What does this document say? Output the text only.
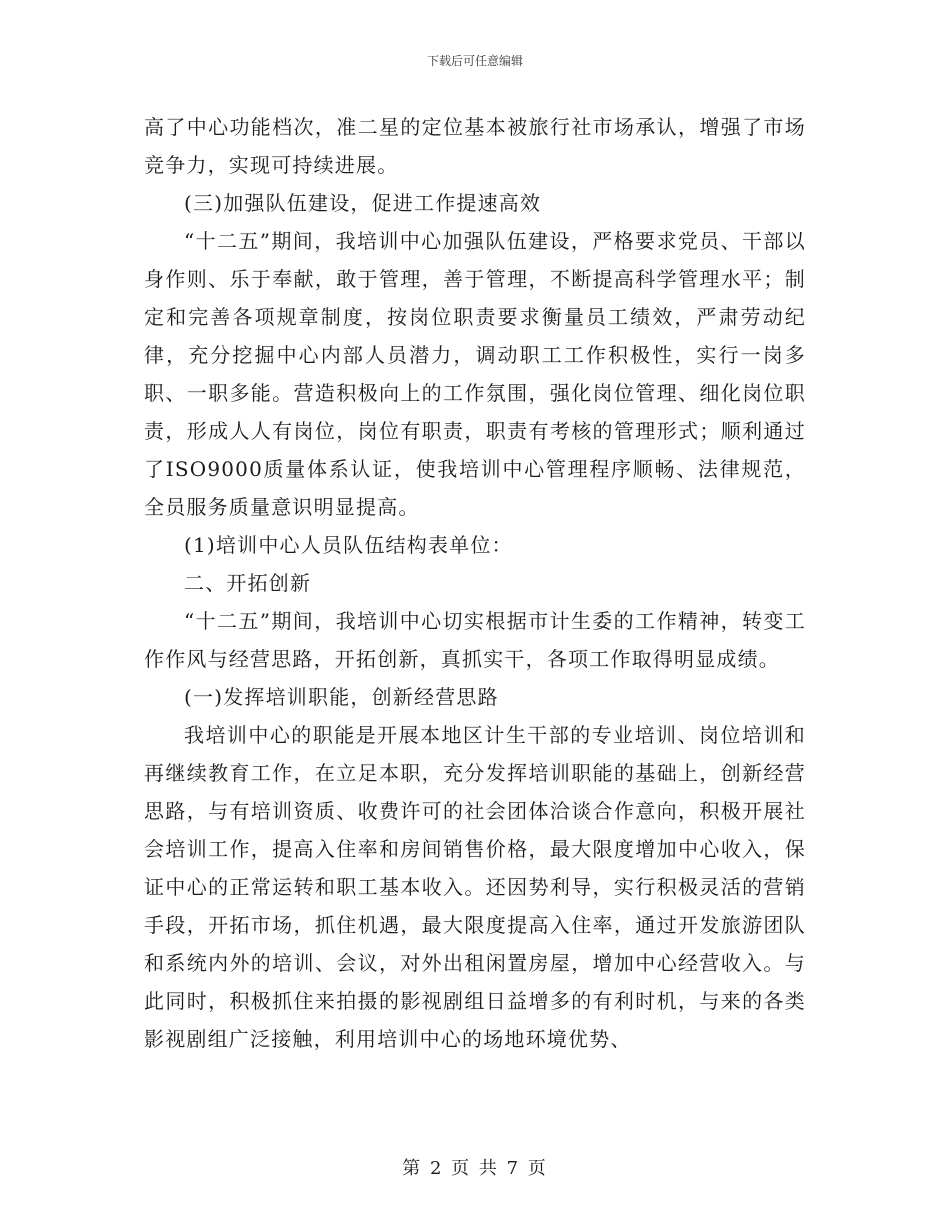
下载后可任意编辑

高了中心功能档次，准二星的定位基本被旅行社市场承认，增强了市场竞争力，实现可持续进展。

(三)加强队伍建设，促进工作提速高效

“十二五”期间，我培训中心加强队伍建设，严格要求党员、干部以身作则、乐于奉献，敢于管理，善于管理，不断提高科学管理水平；制定和完善各项规章制度，按岗位职责要求衡量员工绩效，严肃劳动纪律，充分挖掘中心内部人员潜力，调动职工工作积极性，实行一岗多职、一职多能。营造积极向上的工作氛围，强化岗位管理、细化岗位职责，形成人人有岗位，岗位有职责，职责有考核的管理形式；顺利通过了ISO9000质量体系认证，使我培训中心管理程序顺畅、法律规范，全员服务质量意识明显提高。

(1)培训中心人员队伍结构表单位：

二、开拓创新

“十二五”期间，我培训中心切实根据市计生委的工作精神，转变工作作风与经营思路，开拓创新，真抓实干，各项工作取得明显成绩。

(一)发挥培训职能，创新经营思路

我培训中心的职能是开展本地区计生干部的专业培训、岗位培训和再继续教育工作，在立足本职，充分发挥培训职能的基础上，创新经营思路，与有培训资质、收费许可的社会团体洽谈合作意向，积极开展社会培训工作，提高入住率和房间销售价格，最大限度增加中心收入，保证中心的正常运转和职工基本收入。还因势利导，实行积极灵活的营销手段，开拓市场，抓住机遇，最大限度提高入住率，通过开发旅游团队和系统内外的培训、会议，对外出租闲置房屋，增加中心经营收入。与此同时，积极抓住来拍摄的影视剧组日益增多的有利时机，与来的各类影视剧组广泛接触，利用培训中心的场地环境优势、

第 2 页 共 7 页
